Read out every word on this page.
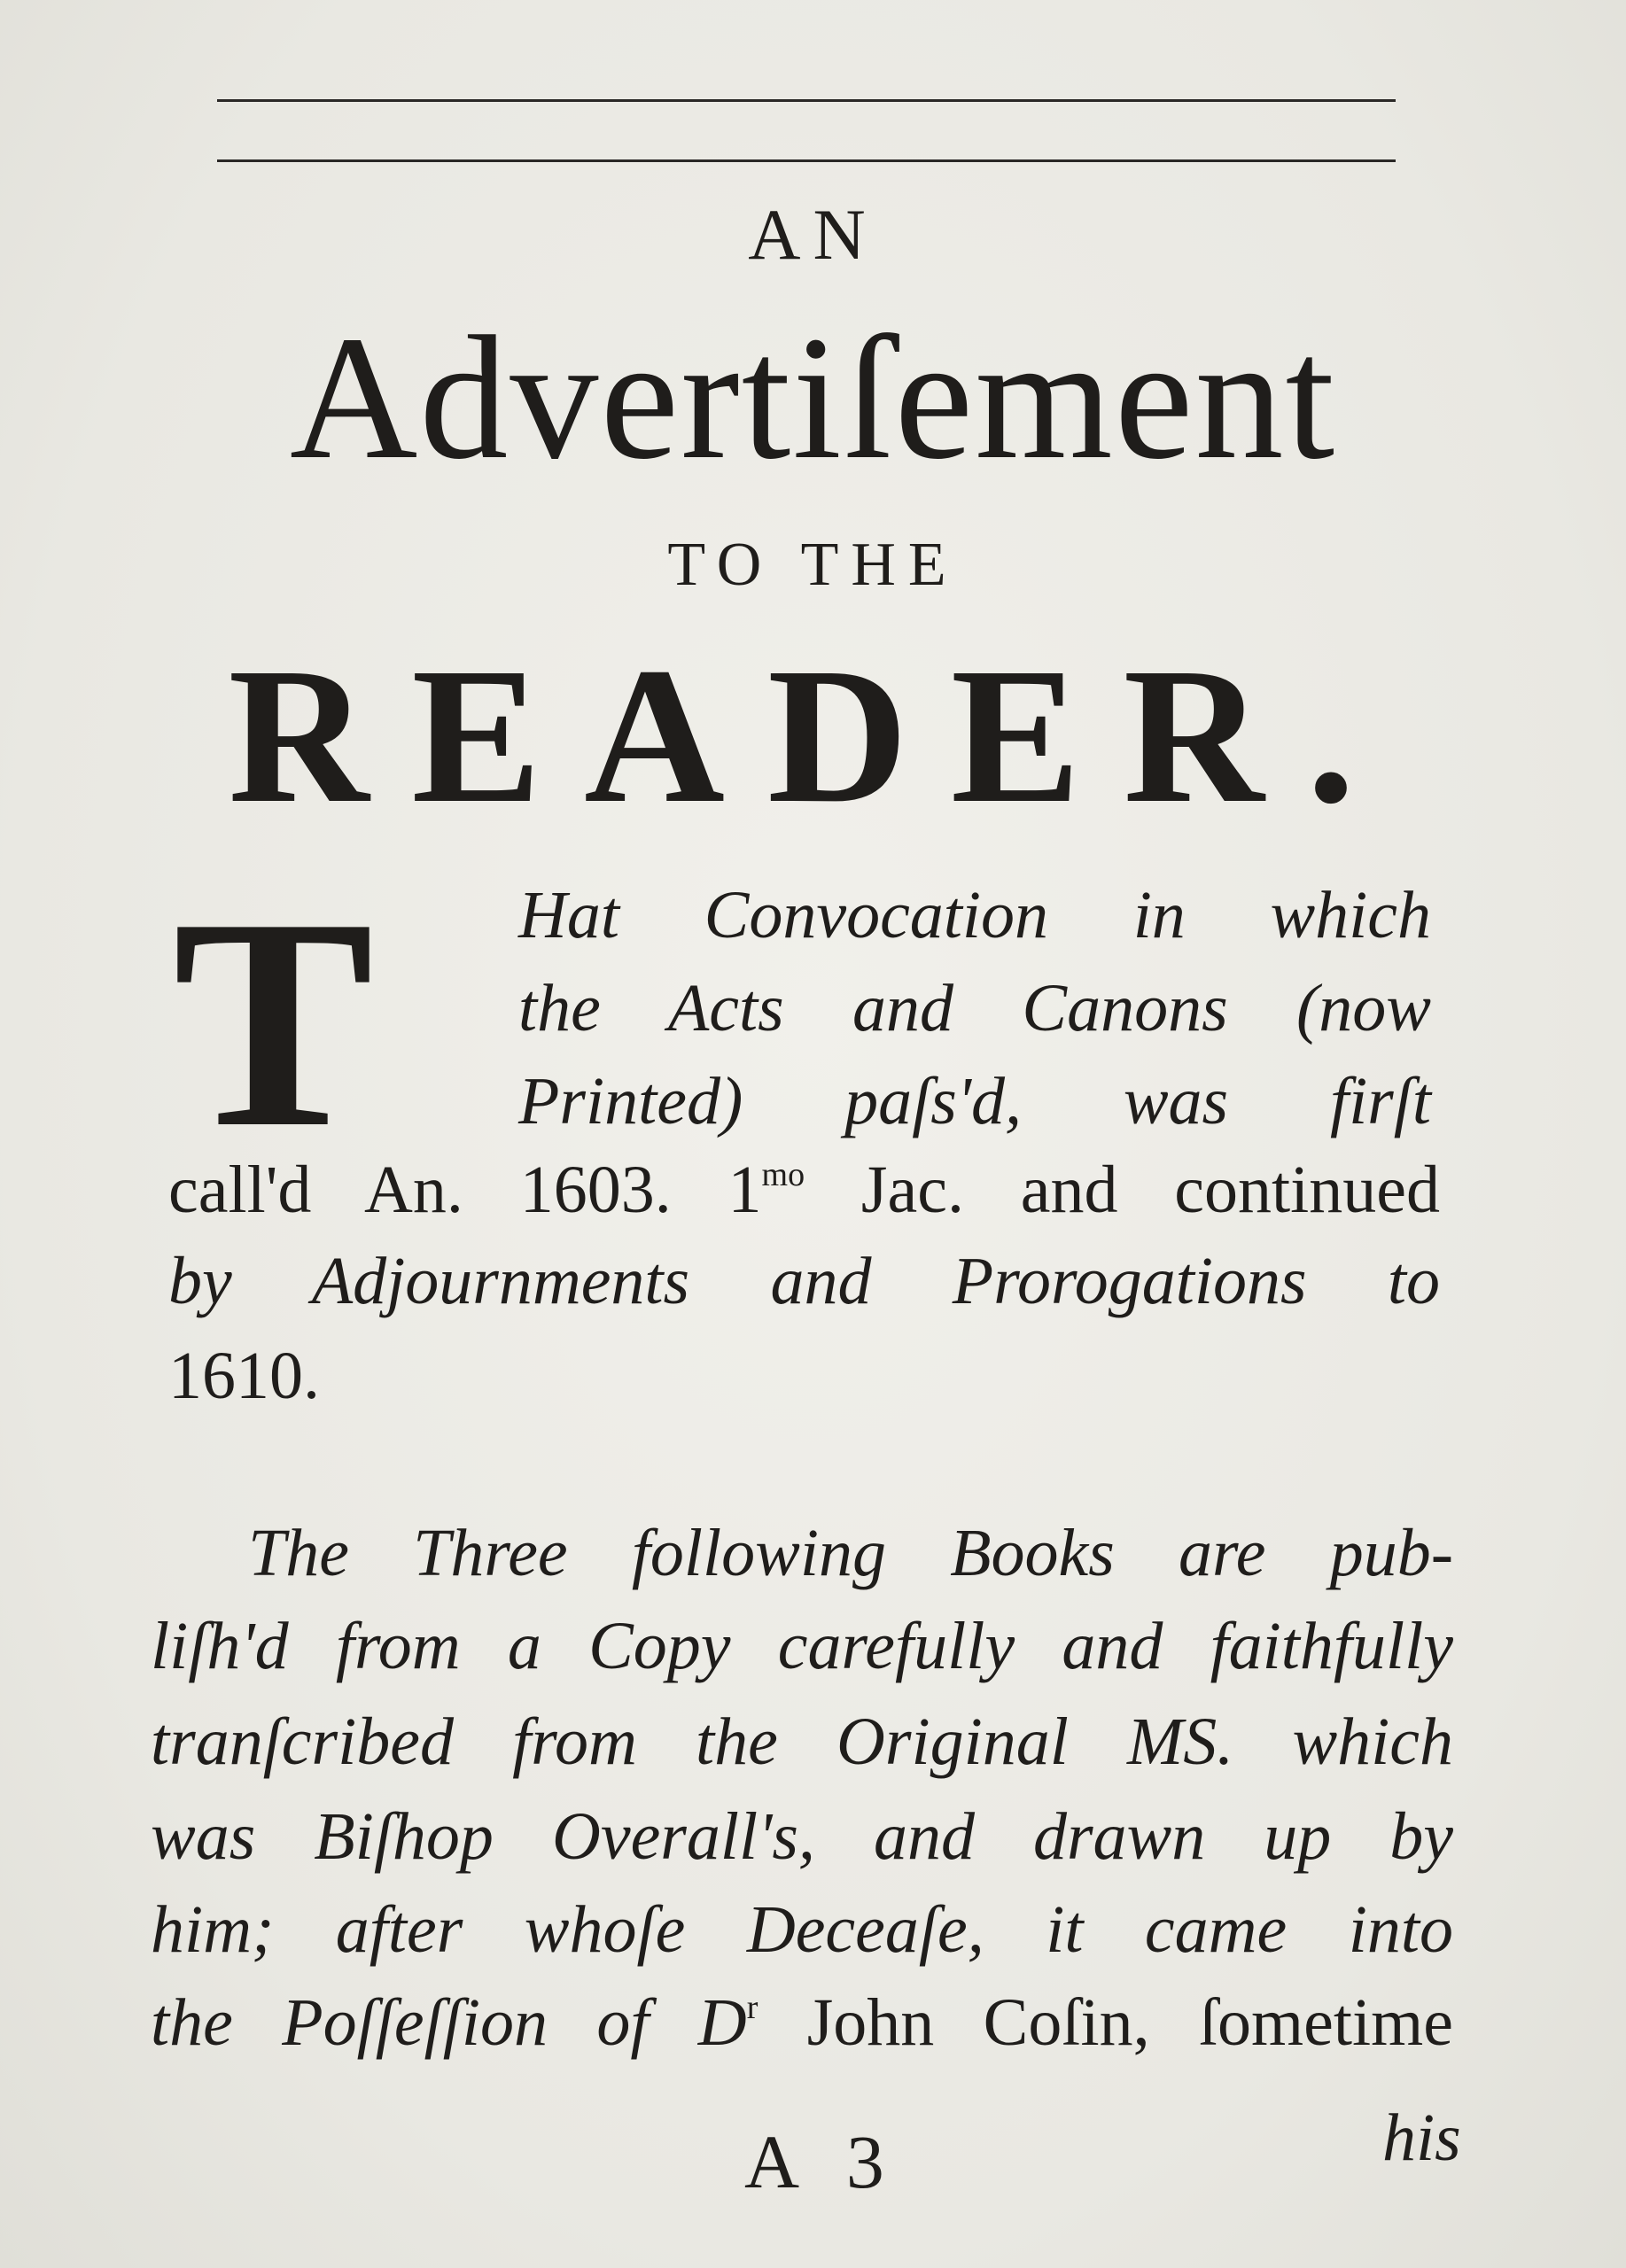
AN
Advertiſement
TO THE
READER.
T Hat Convocation in which
the Acts and Canons (now
Printed) paſs'd, was firſt
call'd An. 1603. $1^{mo}$ Jac. and continued
by Adjournments and Prorogations to
1610.
The Three following Books are pub-
liſh'd from a Copy carefully and faithfully
tranſcribed from the Original MS. which
was Biſhop Overall's, and drawn up by
him; after whoſe Deceaſe, it came into
the Poſſeſſion of $D^r$ John Coſin, ſometime
A 3	his
